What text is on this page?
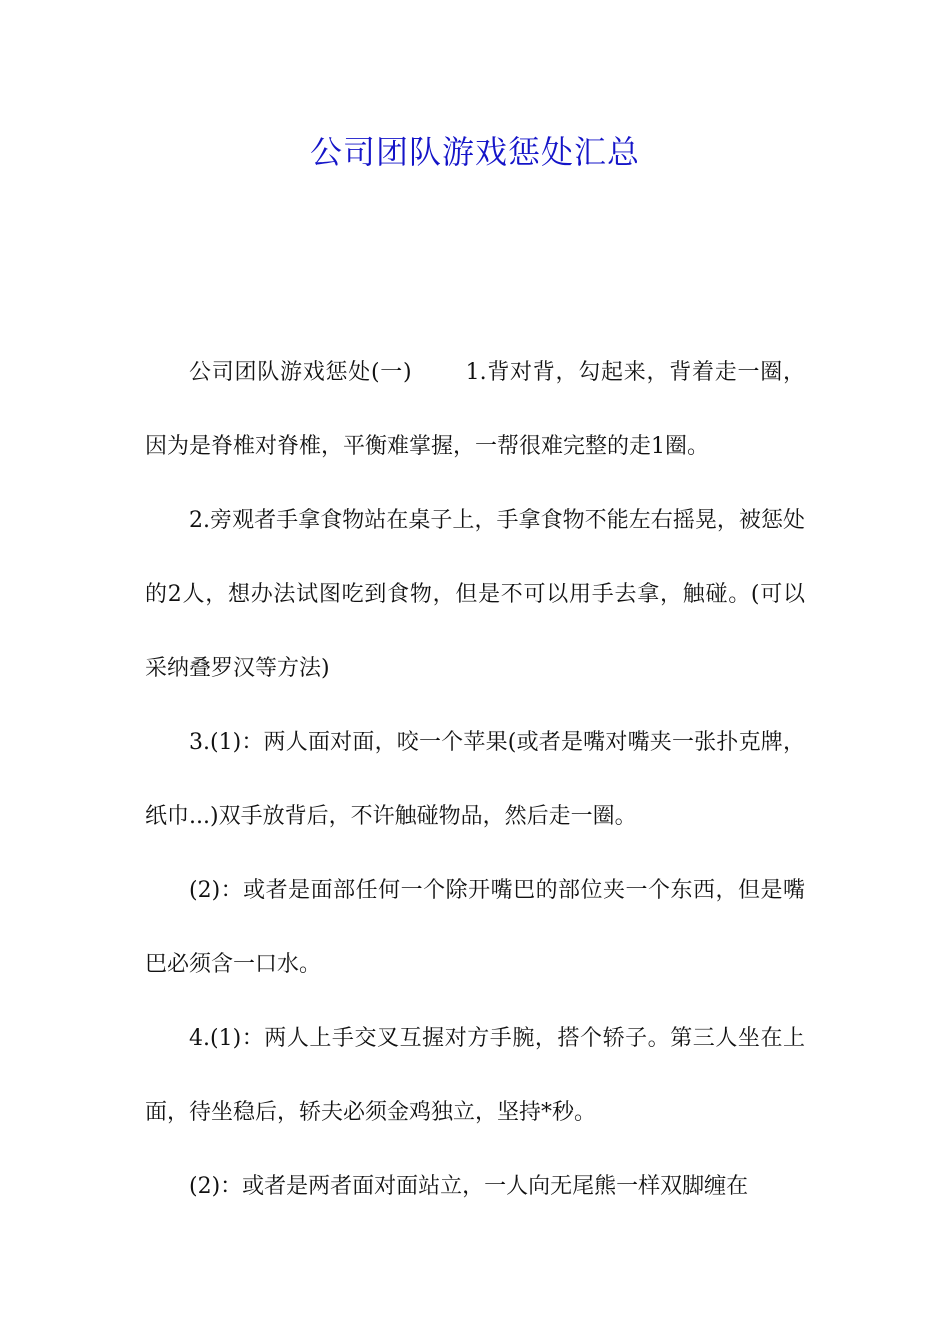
公司团队游戏惩处汇总

公司团队游戏惩处(一)　　 1.背对背，勾起来，背着走一圈，因为是脊椎对脊椎，平衡难掌握，一帮很难完整的走1圈。

2.旁观者手拿食物站在桌子上，手拿食物不能左右摇晃，被惩处的2人，想办法试图吃到食物，但是不可以用手去拿，触碰。(可以采纳叠罗汉等方法)

3.(1)：两人面对面，咬一个苹果(或者是嘴对嘴夹一张扑克牌，纸巾...)双手放背后，不许触碰物品，然后走一圈。

(2)：或者是面部任何一个除开嘴巴的部位夹一个东西，但是嘴巴必须含一口水。

4.(1)：两人上手交叉互握对方手腕，搭个轿子。第三人坐在上面，待坐稳后，轿夫必须金鸡独立，坚持*秒。

(2)：或者是两者面对面站立，一人向无尾熊一样双脚缠在
